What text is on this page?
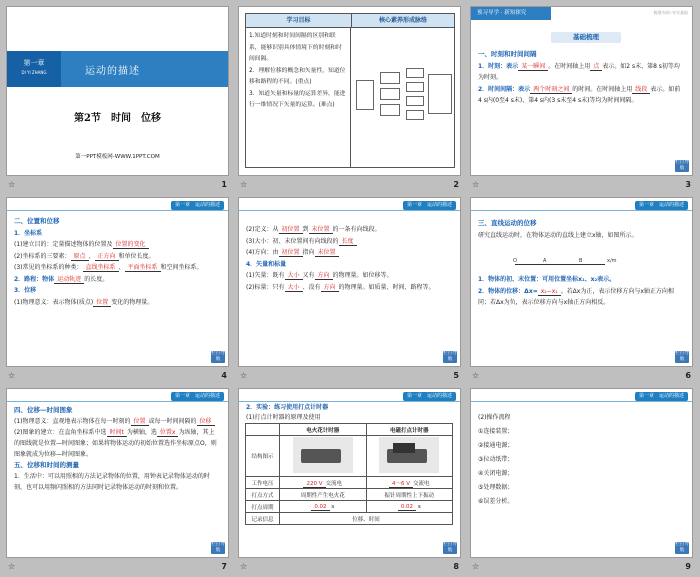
第一章
DI YI ZHANG	运动的描述
第2节　时间　位移
第一PPT模板网-WWW.1PPT.COM
☆	1
学习目标	核心素养形成脉络
1.知道时刻和时间间隔的区别和联系，能够识别具体情境下的时刻和时间间隔。
2．理解位移的概念和矢量性，知道位移和路程的不同。(重点)
3．知道矢量和标量的运算差异，能进行一维情况下矢量的运算。(难点)
☆	2
预习导学 · 新知探究	梳理·知识·夯实基础
基础梳理
一、时刻和时间间隔
1．时刻：表示 某一瞬间 。在时间轴上用 点 表示。如2 s末、第8 s初等均为时刻。
2．时间间隔：表示 两个时刻之间 的时间。在时间轴上用 线段 表示。如前4 s内(0至4 s末)、第4 s内(3 s末至4 s末)等均为时间间隔。
栏目导航
☆	3
第一章　运动的描述
二、位置和位移
1．坐标系
(1)建立目的：定量描述物体的位置及 位置的变化
(2)坐标系的三要素： 原点 、 正方向 和单位长度。
(3)常见的坐标系的种类： 直线坐标系 、 平面坐标系 和空间坐标系。
2．路程：物体 运动轨迹 的长度。
3．位移
(1)物理意义：表示物体(质点) 位置 变化的物理量。
栏目导航
☆	4
第一章　运动的描述
(2)定义：从 初位置 到 末位置 的一条有向线段。
(3)大小：初、末位置间有向线段的 长度
(4)方向：由 初位置 指向 末位置
4．矢量和标量
(1)矢量：既有 大小 又有 方向 的物理量。如位移等。
(2)标量：只有 大小 、没有 方向 的物理量。如质量、时间、路程等。
栏目导航
☆	5
第一章　运动的描述
三、直线运动的位移
研究直线运动时，在物体运动的直线上建立x轴，如图所示。
O	A	B	x/m
1．物体的初、末位置：可用位置坐标x₁、x₂表示。
2．物体的位移：Δx= x₂−x₁ 。若Δx为正，表示位移方向与x轴正方向相同；若Δx为负，表示位移方向与x轴正方向相反。
栏目导航
☆	6
第一章　运动的描述
四、位移—时间图象
(1)物理意义：直观地表示物体在每一时刻的 位置 或每一时间间隔的 位移
(2)图象的建立：在直角坐标系中选 时间t 为横轴，选 位置x 为纵轴，其上的图线就是位置—时间图象；如果将物体运动的初始位置选作坐标原点O，则图象就成为位移—时间图象。
五、位移和时间的测量
1．生活中：可以用照相的方法记录物体的位置，用钟表记录物体运动的时刻，也可以用频闪照相的方法同时记录物体运动的时刻和位置。
栏目导航
☆	7
第一章　运动的描述
2．实验：练习使用打点计时器
(1)打点计时器的原理及使用
	电火花计时器	电磁打点计时器
结构图示	

工作电压	220 V 交流电	4～6 V 交流电
打点方式	周期性产生电火花	振针周期性上下振动
打点周期	0.02 s	0.02 s
记录信息	位移、时间	
栏目导航
☆	8
第一章　运动的描述
(2)操作流程
①连接装置；
②接通电源；
③拉动纸带；
④关闭电源；
⑤处理数据；
⑥误差分析。
栏目导航
☆	9
